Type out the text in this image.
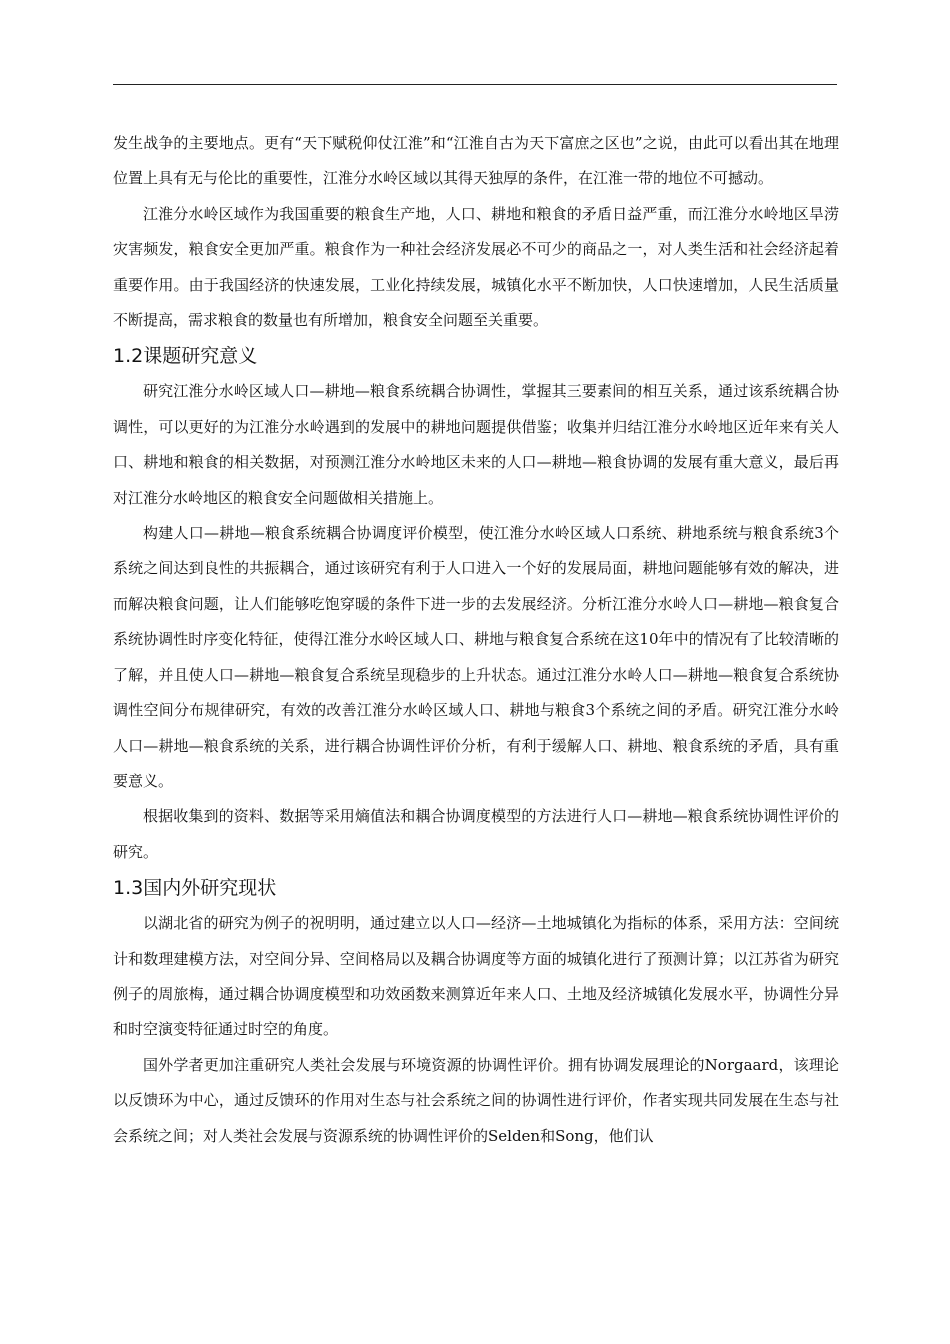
发生战争的主要地点。更有“天下赋税仰仗江淮”和“江淮自古为天下富庶之区也”之说，由此可以看出其在地理位置上具有无与伦比的重要性，江淮分水岭区域以其得天独厚的条件，在江淮一带的地位不可撼动。

江淮分水岭区域作为我国重要的粮食生产地，人口、耕地和粮食的矛盾日益严重，而江淮分水岭地区旱涝灾害频发，粮食安全更加严重。粮食作为一种社会经济发展必不可少的商品之一，对人类生活和社会经济起着重要作用。由于我国经济的快速发展，工业化持续发展，城镇化水平不断加快，人口快速增加，人民生活质量不断提高，需求粮食的数量也有所增加，粮食安全问题至关重要。

1.2课题研究意义

研究江淮分水岭区域人口—耕地—粮食系统耦合协调性，掌握其三要素间的相互关系，通过该系统耦合协调性，可以更好的为江淮分水岭遇到的发展中的耕地问题提供借鉴；收集并归结江淮分水岭地区近年来有关人口、耕地和粮食的相关数据，对预测江淮分水岭地区未来的人口—耕地—粮食协调的发展有重大意义，最后再对江淮分水岭地区的粮食安全问题做相关措施上。

构建人口—耕地—粮食系统耦合协调度评价模型，使江淮分水岭区域人口系统、耕地系统与粮食系统3个系统之间达到良性的共振耦合，通过该研究有利于人口进入一个好的发展局面，耕地问题能够有效的解决，进而解决粮食问题，让人们能够吃饱穿暖的条件下进一步的去发展经济。分析江淮分水岭人口—耕地—粮食复合系统协调性时序变化特征，使得江淮分水岭区域人口、耕地与粮食复合系统在这10年中的情况有了比较清晰的了解，并且使人口—耕地—粮食复合系统呈现稳步的上升状态。通过江淮分水岭人口—耕地—粮食复合系统协调性空间分布规律研究，有效的改善江淮分水岭区域人口、耕地与粮食3个系统之间的矛盾。研究江淮分水岭人口—耕地—粮食系统的关系，进行耦合协调性评价分析，有利于缓解人口、耕地、粮食系统的矛盾，具有重要意义。

根据收集到的资料、数据等采用熵值法和耦合协调度模型的方法进行人口—耕地—粮食系统协调性评价的研究。

1.3国内外研究现状

以湖北省的研究为例子的祝明明，通过建立以人口—经济—土地城镇化为指标的体系，采用方法：空间统计和数理建模方法，对空间分异、空间格局以及耦合协调度等方面的城镇化进行了预测计算；以江苏省为研究例子的周旅梅，通过耦合协调度模型和功效函数来测算近年来人口、土地及经济城镇化发展水平，协调性分异和时空演变特征通过时空的角度。

国外学者更加注重研究人类社会发展与环境资源的协调性评价。拥有协调发展理论的Norgaard，该理论以反馈环为中心，通过反馈环的作用对生态与社会系统之间的协调性进行评价，作者实现共同发展在生态与社会系统之间；对人类社会发展与资源系统的协调性评价的Selden和Song，他们认
